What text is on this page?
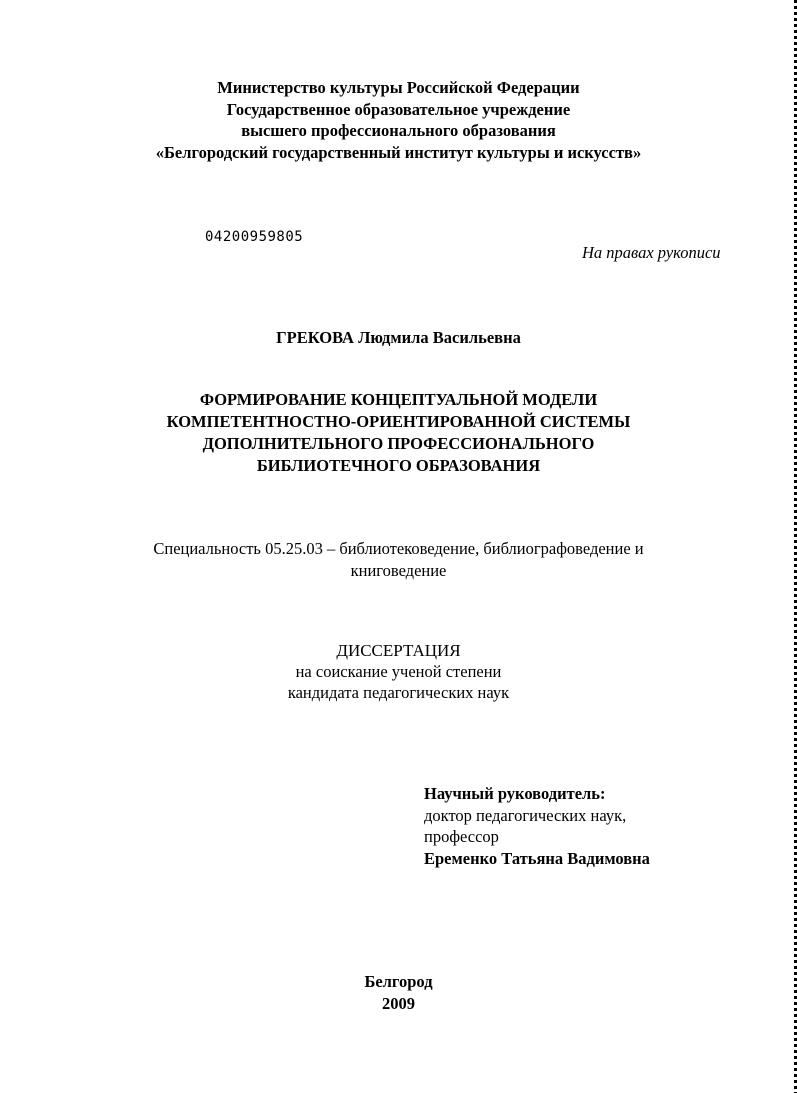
Министерство культуры Российской Федерации
Государственное образовательное учреждение
высшего профессионального образования
«Белгородский государственный институт культуры и искусств»
04200959805
На правах рукописи
ГРЕКОВА Людмила Васильевна
ФОРМИРОВАНИЕ КОНЦЕПТУАЛЬНОЙ МОДЕЛИ
КОМПЕТЕНТНОСТНО-ОРИЕНТИРОВАННОЙ СИСТЕМЫ
ДОПОЛНИТЕЛЬНОГО ПРОФЕССИОНАЛЬНОГО
БИБЛИОТЕЧНОГО ОБРАЗОВАНИЯ
Специальность 05.25.03 – библиотековедение, библиографоведение и
книговедение
ДИССЕРТАЦИЯ
на соискание ученой степени
кандидата педагогических наук
Научный руководитель:
доктор педагогических наук,
профессор
Еременко Татьяна Вадимовна
Белгород
2009
